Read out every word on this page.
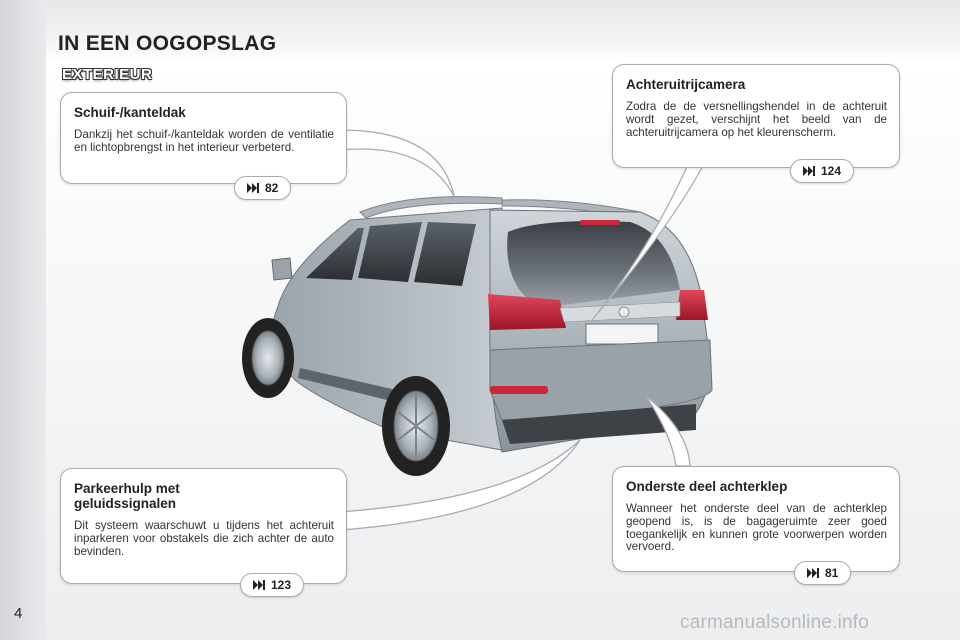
IN EEN OOGOPSLAG
EXTERIEUR
Schuif-/kanteldak

Dankzij het schuif-/kanteldak worden de ventilatie en lichtopbrengst in het interieur verbeterd.

82
Achteruitrijcamera

Zodra de de versnellingshendel in de achteruit wordt gezet, verschijnt het beeld van de achteruitrijcamera op het kleurenscherm.

124
Parkeerhulp met geluidssignalen

Dit systeem waarschuwt u tijdens het achteruit inparkeren voor obstakels die zich achter de auto bevinden.

123
Onderste deel achterklep

Wanneer het onderste deel van de achterklep geopend is, is de bagageruimte zeer goed toegankelijk en kunnen grote voorwerpen worden vervoerd.

81
4	carmanualsonline.info
